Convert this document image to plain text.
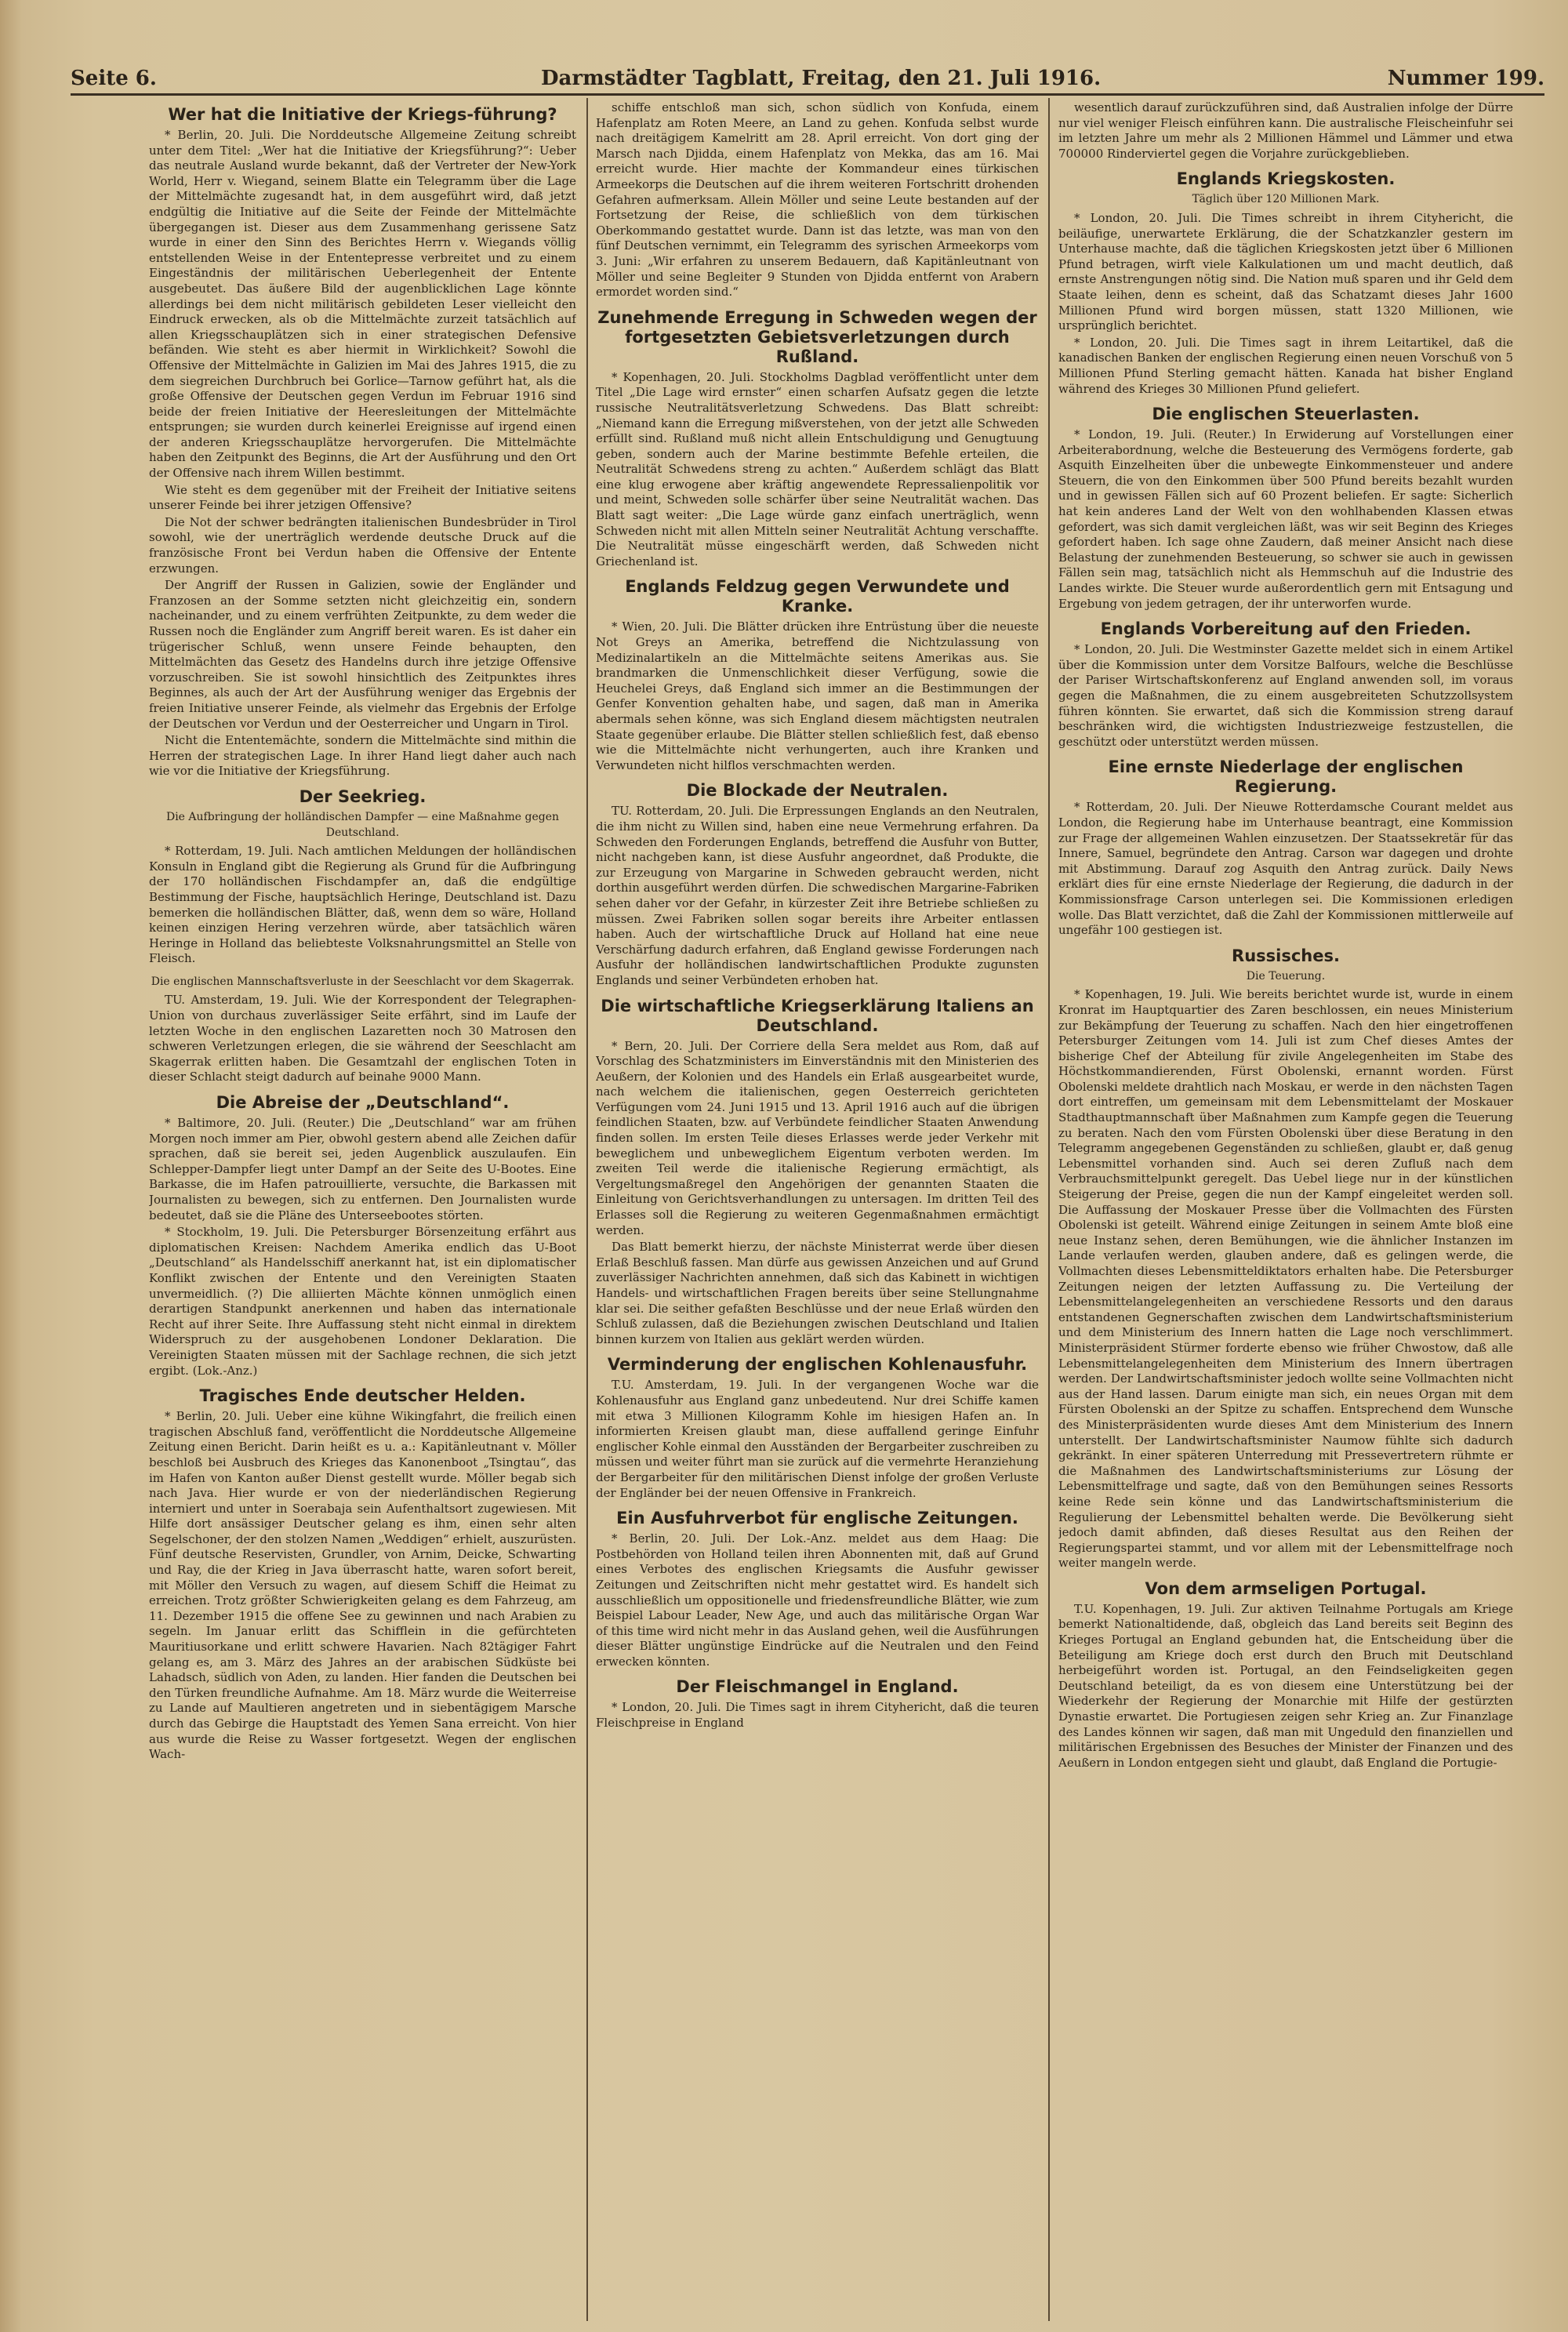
Seite 6.	Darmstädter Tagblatt, Freitag, den 21. Juli 1916.	Nummer 199.
Wer hat die Initiative der Kriegs-führung?

* Berlin, 20. Juli. Die Norddeutsche Allgemeine Zeitung schreibt unter dem Titel: „Wer hat die Initiative der Kriegsführung?“: Ueber das neutrale Ausland wurde bekannt, daß der Vertreter der New-York World, Herr v. Wiegand, seinem Blatte ein Telegramm über die Lage der Mittelmächte zugesandt hat, in dem ausgeführt wird, daß jetzt endgültig die Initiative auf die Seite der Feinde der Mittelmächte übergegangen ist. Dieser aus dem Zusammenhang gerissene Satz wurde in einer den Sinn des Berichtes Herrn v. Wiegands völlig entstellenden Weise in der Ententepresse verbreitet und zu einem Eingeständnis der militärischen Ueberlegenheit der Entente ausgebeutet. Das äußere Bild der augenblicklichen Lage könnte allerdings bei dem nicht militärisch gebildeten Leser vielleicht den Eindruck erwecken, als ob die Mittelmächte zurzeit tatsächlich auf allen Kriegsschauplätzen sich in einer strategischen Defensive befänden. Wie steht es aber hiermit in Wirklichkeit? Sowohl die Offensive der Mittelmächte in Galizien im Mai des Jahres 1915, die zu dem siegreichen Durchbruch bei Gorlice—Tarnow geführt hat, als die große Offensive der Deutschen gegen Verdun im Februar 1916 sind beide der freien Initiative der Heeresleitungen der Mittelmächte entsprungen; sie wurden durch keinerlei Ereignisse auf irgend einen der anderen Kriegsschauplätze hervorgerufen. Die Mittelmächte haben den Zeitpunkt des Beginns, die Art der Ausführung und den Ort der Offensive nach ihrem Willen bestimmt.

Wie steht es dem gegenüber mit der Freiheit der Initiative seitens unserer Feinde bei ihrer jetzigen Offensive?

Die Not der schwer bedrängten italienischen Bundesbrüder in Tirol sowohl, wie der unerträglich werdende deutsche Druck auf die französische Front bei Verdun haben die Offensive der Entente erzwungen.

Der Angriff der Russen in Galizien, sowie der Engländer und Franzosen an der Somme setzten nicht gleichzeitig ein, sondern nacheinander, und zu einem verfrühten Zeitpunkte, zu dem weder die Russen noch die Engländer zum Angriff bereit waren. Es ist daher ein trügerischer Schluß, wenn unsere Feinde behaupten, den Mittelmächten das Gesetz des Handelns durch ihre jetzige Offensive vorzuschreiben. Sie ist sowohl hinsichtlich des Zeitpunktes ihres Beginnes, als auch der Art der Ausführung weniger das Ergebnis der freien Initiative unserer Feinde, als vielmehr das Ergebnis der Erfolge der Deutschen vor Verdun und der Oesterreicher und Ungarn in Tirol.

Nicht die Ententemächte, sondern die Mittelmächte sind mithin die Herren der strategischen Lage. In ihrer Hand liegt daher auch nach wie vor die Initiative der Kriegsführung.

Der Seekrieg.
Die Aufbringung der holländischen Dampfer — eine Maßnahme gegen Deutschland.

* Rotterdam, 19. Juli. Nach amtlichen Meldungen der holländischen Konsuln in England gibt die Regierung als Grund für die Aufbringung der 170 holländischen Fischdampfer an, daß die endgültige Bestimmung der Fische, hauptsächlich Heringe, Deutschland ist. Dazu bemerken die holländischen Blätter, daß, wenn dem so wäre, Holland keinen einzigen Hering verzehren würde, aber tatsächlich wären Heringe in Holland das beliebteste Volksnahrungsmittel an Stelle von Fleisch.

Die englischen Mannschaftsverluste in der Seeschlacht vor dem Skagerrak.

TU. Amsterdam, 19. Juli. Wie der Korrespondent der Telegraphen-Union von durchaus zuverlässiger Seite erfährt, sind im Laufe der letzten Woche in den englischen Lazaretten noch 30 Matrosen den schweren Verletzungen erlegen, die sie während der Seeschlacht am Skagerrak erlitten haben. Die Gesamtzahl der englischen Toten in dieser Schlacht steigt dadurch auf beinahe 9000 Mann.

Die Abreise der „Deutschland“.

* Baltimore, 20. Juli. (Reuter.) Die „Deutschland“ war am frühen Morgen noch immer am Pier, obwohl gestern abend alle Zeichen dafür sprachen, daß sie bereit sei, jeden Augenblick auszulaufen. Ein Schlepper-Dampfer liegt unter Dampf an der Seite des U-Bootes. Eine Barkasse, die im Hafen patrouillierte, versuchte, die Barkassen mit Journalisten zu bewegen, sich zu entfernen. Den Journalisten wurde bedeutet, daß sie die Pläne des Unterseebootes störten.

* Stockholm, 19. Juli. Die Petersburger Börsenzeitung erfährt aus diplomatischen Kreisen: Nachdem Amerika endlich das U-Boot „Deutschland“ als Handelsschiff anerkannt hat, ist ein diplomatischer Konflikt zwischen der Entente und den Vereinigten Staaten unvermeidlich. (?) Die alliierten Mächte können unmöglich einen derartigen Standpunkt anerkennen und haben das internationale Recht auf ihrer Seite. Ihre Auffassung steht nicht einmal in direktem Widerspruch zu der ausgehobenen Londoner Deklaration. Die Vereinigten Staaten müssen mit der Sachlage rechnen, die sich jetzt ergibt. (Lok.-Anz.)

Tragisches Ende deutscher Helden.

* Berlin, 20. Juli. Ueber eine kühne Wikingfahrt, die freilich einen tragischen Abschluß fand, veröffentlicht die Norddeutsche Allgemeine Zeitung einen Bericht. Darin heißt es u. a.: Kapitänleutnant v. Möller beschloß bei Ausbruch des Krieges das Kanonenboot „Tsingtau“, das im Hafen von Kanton außer Dienst gestellt wurde. Möller begab sich nach Java. Hier wurde er von der niederländischen Regierung interniert und unter in Soerabaja sein Aufenthaltsort zugewiesen. Mit Hilfe dort ansässiger Deutscher gelang es ihm, einen sehr alten Segelschoner, der den stolzen Namen „Weddigen“ erhielt, auszurüsten. Fünf deutsche Reservisten, Grundler, von Arnim, Deicke, Schwarting und Ray, die der Krieg in Java überrascht hatte, waren sofort bereit, mit Möller den Versuch zu wagen, auf diesem Schiff die Heimat zu erreichen. Trotz größter Schwierigkeiten gelang es dem Fahrzeug, am 11. Dezember 1915 die offene See zu gewinnen und nach Arabien zu segeln. Im Januar erlitt das Schifflein in die gefürchteten Mauritiusorkane und erlitt schwere Havarien. Nach 82tägiger Fahrt gelang es, am 3. März des Jahres an der arabischen Südküste bei Lahadsch, südlich von Aden, zu landen. Hier fanden die Deutschen bei den Türken freundliche Aufnahme. Am 18. März wurde die Weiterreise zu Lande auf Maultieren angetreten und in siebentägigem Marsche durch das Gebirge die Hauptstadt des Yemen Sana erreicht. Von hier aus wurde die Reise zu Wasser fortgesetzt. Wegen der englischen Wach-

schiffe entschloß man sich, schon südlich von Konfuda, einem Hafenplatz am Roten Meere, an Land zu gehen. Konfuda selbst wurde nach dreitägigem Kamelritt am 28. April erreicht. Von dort ging der Marsch nach Djidda, einem Hafenplatz von Mekka, das am 16. Mai erreicht wurde. Hier machte der Kommandeur eines türkischen Armeekorps die Deutschen auf die ihrem weiteren Fortschritt drohenden Gefahren aufmerksam. Allein Möller und seine Leute bestanden auf der Fortsetzung der Reise, die schließlich von dem türkischen Oberkommando gestattet wurde. Dann ist das letzte, was man von den fünf Deutschen vernimmt, ein Telegramm des syrischen Armeekorps vom 3. Juni: „Wir erfahren zu unserem Bedauern, daß Kapitänleutnant von Möller und seine Begleiter 9 Stunden von Djidda entfernt von Arabern ermordet worden sind.“

Zunehmende Erregung in Schweden wegen der fortgesetzten Gebietsverletzungen durch Rußland.

* Kopenhagen, 20. Juli. Stockholms Dagblad veröffentlicht unter dem Titel „Die Lage wird ernster“ einen scharfen Aufsatz gegen die letzte russische Neutralitätsverletzung Schwedens. Das Blatt schreibt: „Niemand kann die Erregung mißverstehen, von der jetzt alle Schweden erfüllt sind. Rußland muß nicht allein Entschuldigung und Genugtuung geben, sondern auch der Marine bestimmte Befehle erteilen, die Neutralität Schwedens streng zu achten.“ Außerdem schlägt das Blatt eine klug erwogene aber kräftig angewendete Repressalienpolitik vor und meint, Schweden solle schärfer über seine Neutralität wachen. Das Blatt sagt weiter: „Die Lage würde ganz einfach unerträglich, wenn Schweden nicht mit allen Mitteln seiner Neutralität Achtung verschaffte. Die Neutralität müsse eingeschärft werden, daß Schweden nicht Griechenland ist.

Englands Feldzug gegen Verwundete und Kranke.

* Wien, 20. Juli. Die Blätter drücken ihre Entrüstung über die neueste Not Greys an Amerika, betreffend die Nichtzulassung von Medizinalartikeln an die Mittelmächte seitens Amerikas aus. Sie brandmarken die Unmenschlichkeit dieser Verfügung, sowie die Heuchelei Greys, daß England sich immer an die Bestimmungen der Genfer Konvention gehalten habe, und sagen, daß man in Amerika abermals sehen könne, was sich England diesem mächtigsten neutralen Staate gegenüber erlaube. Die Blätter stellen schließlich fest, daß ebenso wie die Mittelmächte nicht verhungerten, auch ihre Kranken und Verwundeten nicht hilflos verschmachten werden.

Die Blockade der Neutralen.

TU. Rotterdam, 20. Juli. Die Erpressungen Englands an den Neutralen, die ihm nicht zu Willen sind, haben eine neue Vermehrung erfahren. Da Schweden den Forderungen Englands, betreffend die Ausfuhr von Butter, nicht nachgeben kann, ist diese Ausfuhr angeordnet, daß Produkte, die zur Erzeugung von Margarine in Schweden gebraucht werden, nicht dorthin ausgeführt werden dürfen. Die schwedischen Margarine-Fabriken sehen daher vor der Gefahr, in kürzester Zeit ihre Betriebe schließen zu müssen. Zwei Fabriken sollen sogar bereits ihre Arbeiter entlassen haben. Auch der wirtschaftliche Druck auf Holland hat eine neue Verschärfung dadurch erfahren, daß England gewisse Forderungen nach Ausfuhr der holländischen landwirtschaftlichen Produkte zugunsten Englands und seiner Verbündeten erhoben hat.

Die wirtschaftliche Kriegserklärung Italiens an Deutschland.

* Bern, 20. Juli. Der Corriere della Sera meldet aus Rom, daß auf Vorschlag des Schatzministers im Einverständnis mit den Ministerien des Aeußern, der Kolonien und des Handels ein Erlaß ausgearbeitet wurde, nach welchem die italienischen, gegen Oesterreich gerichteten Verfügungen vom 24. Juni 1915 und 13. April 1916 auch auf die übrigen feindlichen Staaten, bzw. auf Verbündete feindlicher Staaten Anwendung finden sollen. Im ersten Teile dieses Erlasses werde jeder Verkehr mit beweglichem und unbeweglichem Eigentum verboten werden. Im zweiten Teil werde die italienische Regierung ermächtigt, als Vergeltungsmaßregel den Angehörigen der genannten Staaten die Einleitung von Gerichtsverhandlungen zu untersagen. Im dritten Teil des Erlasses soll die Regierung zu weiteren Gegenmaßnahmen ermächtigt werden.

Das Blatt bemerkt hierzu, der nächste Ministerrat werde über diesen Erlaß Beschluß fassen. Man dürfe aus gewissen Anzeichen und auf Grund zuverlässiger Nachrichten annehmen, daß sich das Kabinett in wichtigen Handels- und wirtschaftlichen Fragen bereits über seine Stellungnahme klar sei. Die seither gefaßten Beschlüsse und der neue Erlaß würden den Schluß zulassen, daß die Beziehungen zwischen Deutschland und Italien binnen kurzem von Italien aus geklärt werden würden.

Verminderung der englischen Kohlenausfuhr.

T.U. Amsterdam, 19. Juli. In der vergangenen Woche war die Kohlenausfuhr aus England ganz unbedeutend. Nur drei Schiffe kamen mit etwa 3 Millionen Kilogramm Kohle im hiesigen Hafen an. In informierten Kreisen glaubt man, diese auffallend geringe Einfuhr englischer Kohle einmal den Ausständen der Bergarbeiter zuschreiben zu müssen und weiter führt man sie zurück auf die vermehrte Heranziehung der Bergarbeiter für den militärischen Dienst infolge der großen Verluste der Engländer bei der neuen Offensive in Frankreich.

Ein Ausfuhrverbot für englische Zeitungen.

* Berlin, 20. Juli. Der Lok.-Anz. meldet aus dem Haag: Die Postbehörden von Holland teilen ihren Abonnenten mit, daß auf Grund eines Verbotes des englischen Kriegsamts die Ausfuhr gewisser Zeitungen und Zeitschriften nicht mehr gestattet wird. Es handelt sich ausschließlich um oppositionelle und friedensfreundliche Blätter, wie zum Beispiel Labour Leader, New Age, und auch das militärische Organ War of this time wird nicht mehr in das Ausland gehen, weil die Ausführungen dieser Blätter ungünstige Eindrücke auf die Neutralen und den Feind erwecken könnten.

Der Fleischmangel in England.

* London, 20. Juli. Die Times sagt in ihrem Cityhericht, daß die teuren Fleischpreise in England

wesentlich darauf zurückzuführen sind, daß Australien infolge der Dürre nur viel weniger Fleisch einführen kann. Die australische Fleischeinfuhr sei im letzten Jahre um mehr als 2 Millionen Hämmel und Lämmer und etwa 700000 Rinderviertel gegen die Vorjahre zurückgeblieben.

Englands Kriegskosten.
Täglich über 120 Millionen Mark.

* London, 20. Juli. Die Times schreibt in ihrem Cityhericht, die beiläufige, unerwartete Erklärung, die der Schatzkanzler gestern im Unterhause machte, daß die täglichen Kriegskosten jetzt über 6 Millionen Pfund betragen, wirft viele Kalkulationen um und macht deutlich, daß ernste Anstrengungen nötig sind. Die Nation muß sparen und ihr Geld dem Staate leihen, denn es scheint, daß das Schatzamt dieses Jahr 1600 Millionen Pfund wird borgen müssen, statt 1320 Millionen, wie ursprünglich berichtet.

* London, 20. Juli. Die Times sagt in ihrem Leitartikel, daß die kanadischen Banken der englischen Regierung einen neuen Vorschuß von 5 Millionen Pfund Sterling gemacht hätten. Kanada hat bisher England während des Krieges 30 Millionen Pfund geliefert.

Die englischen Steuerlasten.

* London, 19. Juli. (Reuter.) In Erwiderung auf Vorstellungen einer Arbeiterabordnung, welche die Besteuerung des Vermögens forderte, gab Asquith Einzelheiten über die unbewegte Einkommensteuer und andere Steuern, die von den Einkommen über 500 Pfund bereits bezahlt wurden und in gewissen Fällen sich auf 60 Prozent beliefen. Er sagte: Sicherlich hat kein anderes Land der Welt von den wohlhabenden Klassen etwas gefordert, was sich damit vergleichen läßt, was wir seit Beginn des Krieges gefordert haben. Ich sage ohne Zaudern, daß meiner Ansicht nach diese Belastung der zunehmenden Besteuerung, so schwer sie auch in gewissen Fällen sein mag, tatsächlich nicht als Hemmschuh auf die Industrie des Landes wirkte. Die Steuer wurde außerordentlich gern mit Entsagung und Ergebung von jedem getragen, der ihr unterworfen wurde.

Englands Vorbereitung auf den Frieden.

* London, 20. Juli. Die Westminster Gazette meldet sich in einem Artikel über die Kommission unter dem Vorsitze Balfours, welche die Beschlüsse der Pariser Wirtschaftskonferenz auf England anwenden soll, im voraus gegen die Maßnahmen, die zu einem ausgebreiteten Schutzzollsystem führen könnten. Sie erwartet, daß sich die Kommission streng darauf beschränken wird, die wichtigsten Industriezweige festzustellen, die geschützt oder unterstützt werden müssen.

Eine ernste Niederlage der englischen Regierung.

* Rotterdam, 20. Juli. Der Nieuwe Rotterdamsche Courant meldet aus London, die Regierung habe im Unterhause beantragt, eine Kommission zur Frage der allgemeinen Wahlen einzusetzen. Der Staatssekretär für das Innere, Samuel, begründete den Antrag. Carson war dagegen und drohte mit Abstimmung. Darauf zog Asquith den Antrag zurück. Daily News erklärt dies für eine ernste Niederlage der Regierung, die dadurch in der Kommissionsfrage Carson unterlegen sei. Die Kommissionen erledigen wolle. Das Blatt verzichtet, daß die Zahl der Kommissionen mittlerweile auf ungefähr 100 gestiegen ist.

Russisches.
Die Teuerung.

* Kopenhagen, 19. Juli. Wie bereits berichtet wurde ist, wurde in einem Kronrat im Hauptquartier des Zaren beschlossen, ein neues Ministerium zur Bekämpfung der Teuerung zu schaffen. Nach den hier eingetroffenen Petersburger Zeitungen vom 14. Juli ist zum Chef dieses Amtes der bisherige Chef der Abteilung für zivile Angelegenheiten im Stabe des Höchstkommandierenden, Fürst Obolenski, ernannt worden. Fürst Obolenski meldete drahtlich nach Moskau, er werde in den nächsten Tagen dort eintreffen, um gemeinsam mit dem Lebensmittelamt der Moskauer Stadthauptmannschaft über Maßnahmen zum Kampfe gegen die Teuerung zu beraten. Nach den vom Fürsten Obolenski über diese Beratung in den Telegramm angegebenen Gegenständen zu schließen, glaubt er, daß genug Lebensmittel vorhanden sind. Auch sei deren Zufluß nach dem Verbrauchsmittelpunkt geregelt. Das Uebel liege nur in der künstlichen Steigerung der Preise, gegen die nun der Kampf eingeleitet werden soll. Die Auffassung der Moskauer Presse über die Vollmachten des Fürsten Obolenski ist geteilt. Während einige Zeitungen in seinem Amte bloß eine neue Instanz sehen, deren Bemühungen, wie die ähnlicher Instanzen im Lande verlaufen werden, glauben andere, daß es gelingen werde, die Vollmachten dieses Lebensmitteldiktators erhalten habe. Die Petersburger Zeitungen neigen der letzten Auffassung zu. Die Verteilung der Lebensmittelangelegenheiten an verschiedene Ressorts und den daraus entstandenen Gegnerschaften zwischen dem Landwirtschaftsministerium und dem Ministerium des Innern hatten die Lage noch verschlimmert. Ministerpräsident Stürmer forderte ebenso wie früher Chwostow, daß alle Lebensmittelangelegenheiten dem Ministerium des Innern übertragen werden. Der Landwirtschaftsminister jedoch wollte seine Vollmachten nicht aus der Hand lassen. Darum einigte man sich, ein neues Organ mit dem Fürsten Obolenski an der Spitze zu schaffen. Entsprechend dem Wunsche des Ministerpräsidenten wurde dieses Amt dem Ministerium des Innern unterstellt. Der Landwirtschaftsminister Naumow fühlte sich dadurch gekränkt. In einer späteren Unterredung mit Pressevertretern rühmte er die Maßnahmen des Landwirtschaftsministeriums zur Lösung der Lebensmittelfrage und sagte, daß von den Bemühungen seines Ressorts keine Rede sein könne und das Landwirtschaftsministerium die Regulierung der Lebensmittel behalten werde. Die Bevölkerung sieht jedoch damit abfinden, daß dieses Resultat aus den Reihen der Regierungspartei stammt, und vor allem mit der Lebensmittelfrage noch weiter mangeln werde.

Von dem armseligen Portugal.

T.U. Kopenhagen, 19. Juli. Zur aktiven Teilnahme Portugals am Kriege bemerkt Nationaltidende, daß, obgleich das Land bereits seit Beginn des Krieges Portugal an England gebunden hat, die Entscheidung über die Beteiligung am Kriege doch erst durch den Bruch mit Deutschland herbeigeführt worden ist. Portugal, an den Feindseligkeiten gegen Deutschland beteiligt, da es von diesem eine Unterstützung bei der Wiederkehr der Regierung der Monarchie mit Hilfe der gestürzten Dynastie erwartet. Die Portugiesen zeigen sehr Krieg an. Zur Finanzlage des Landes können wir sagen, daß man mit Ungeduld den finanziellen und militärischen Ergebnissen des Besuches der Minister der Finanzen und des Aeußern in London entgegen sieht und glaubt, daß England die Portugie-
